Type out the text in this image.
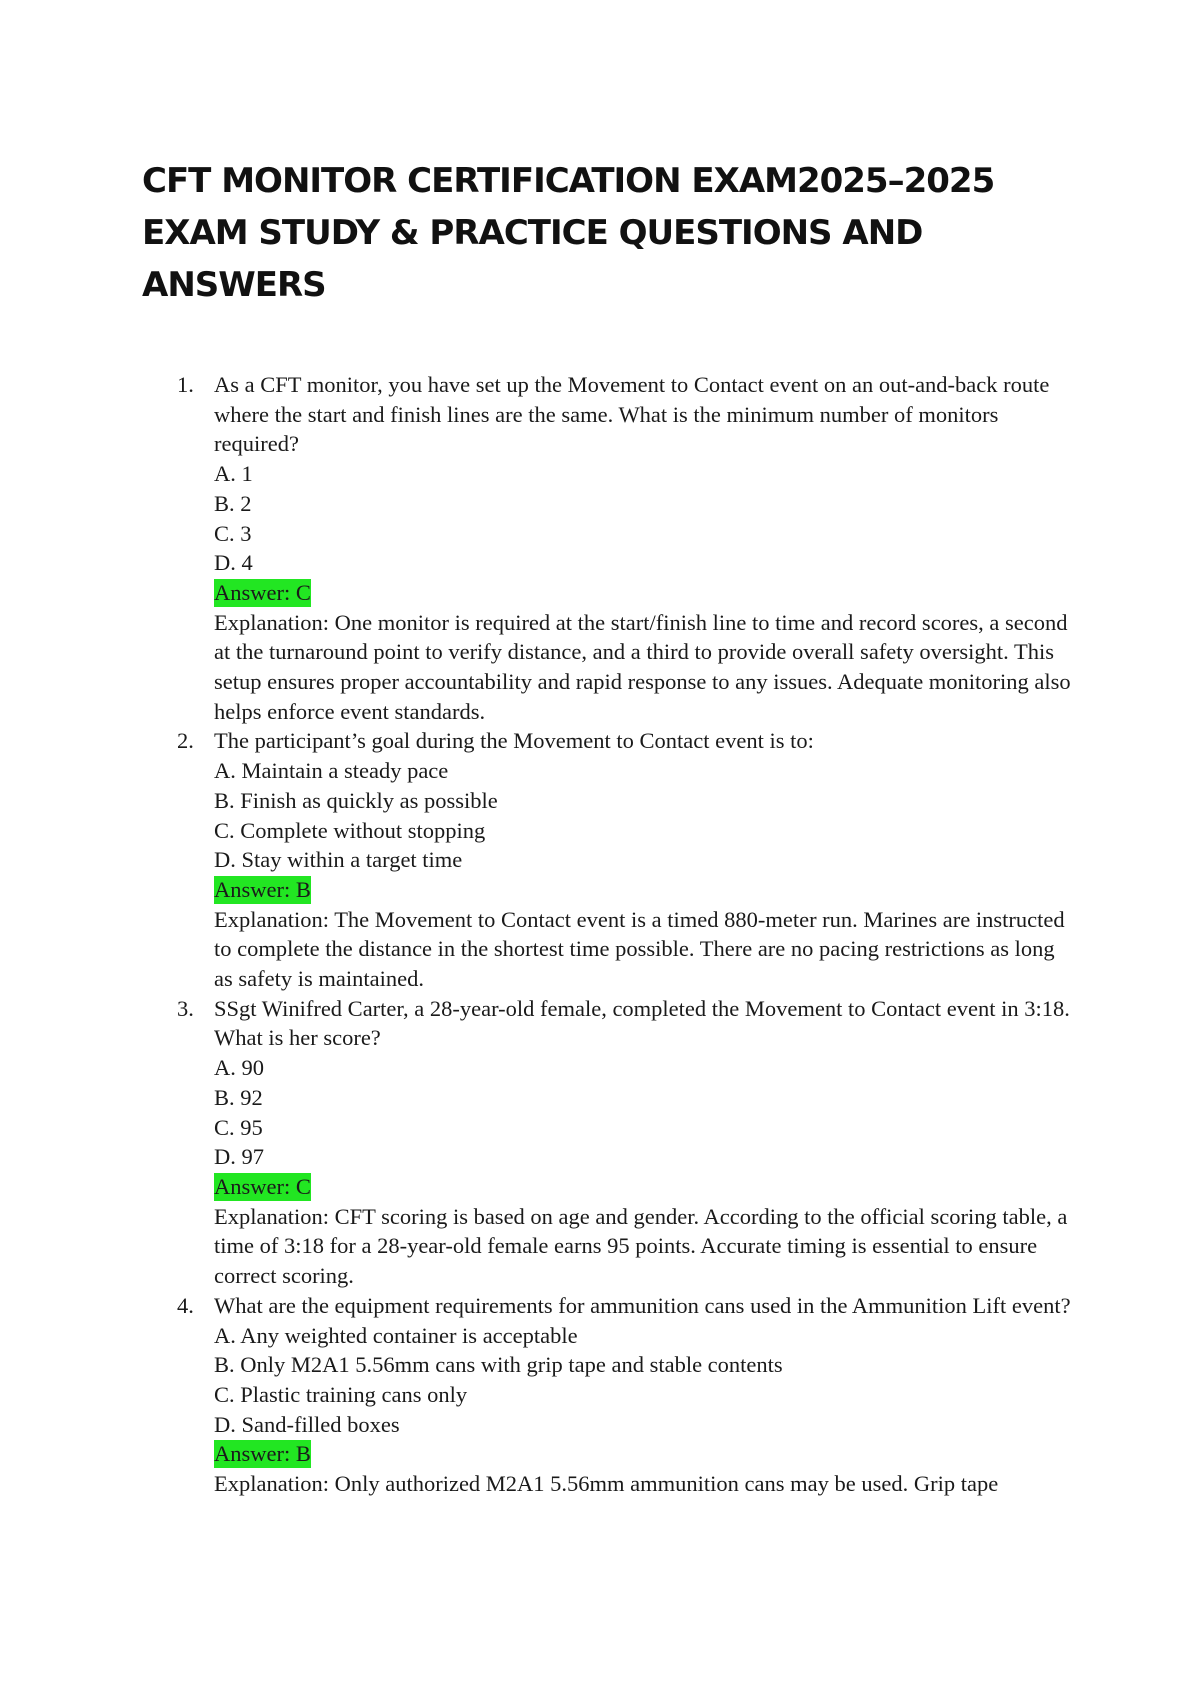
CFT MONITOR CERTIFICATION EXAM2025–2025 EXAM STUDY & PRACTICE QUESTIONS AND ANSWERS
1. As a CFT monitor, you have set up the Movement to Contact event on an out-and-back route where the start and finish lines are the same. What is the minimum number of monitors required?
A. 1
B. 2
C. 3
D. 4
Answer: C
Explanation: One monitor is required at the start/finish line to time and record scores, a second at the turnaround point to verify distance, and a third to provide overall safety oversight. This setup ensures proper accountability and rapid response to any issues. Adequate monitoring also helps enforce event standards.
2. The participant’s goal during the Movement to Contact event is to:
A. Maintain a steady pace
B. Finish as quickly as possible
C. Complete without stopping
D. Stay within a target time
Answer: B
Explanation: The Movement to Contact event is a timed 880-meter run. Marines are instructed to complete the distance in the shortest time possible. There are no pacing restrictions as long as safety is maintained.
3. SSgt Winifred Carter, a 28-year-old female, completed the Movement to Contact event in 3:18. What is her score?
A. 90
B. 92
C. 95
D. 97
Answer: C
Explanation: CFT scoring is based on age and gender. According to the official scoring table, a time of 3:18 for a 28-year-old female earns 95 points. Accurate timing is essential to ensure correct scoring.
4. What are the equipment requirements for ammunition cans used in the Ammunition Lift event?
A. Any weighted container is acceptable
B. Only M2A1 5.56mm cans with grip tape and stable contents
C. Plastic training cans only
D. Sand-filled boxes
Answer: B
Explanation: Only authorized M2A1 5.56mm ammunition cans may be used. Grip tape
